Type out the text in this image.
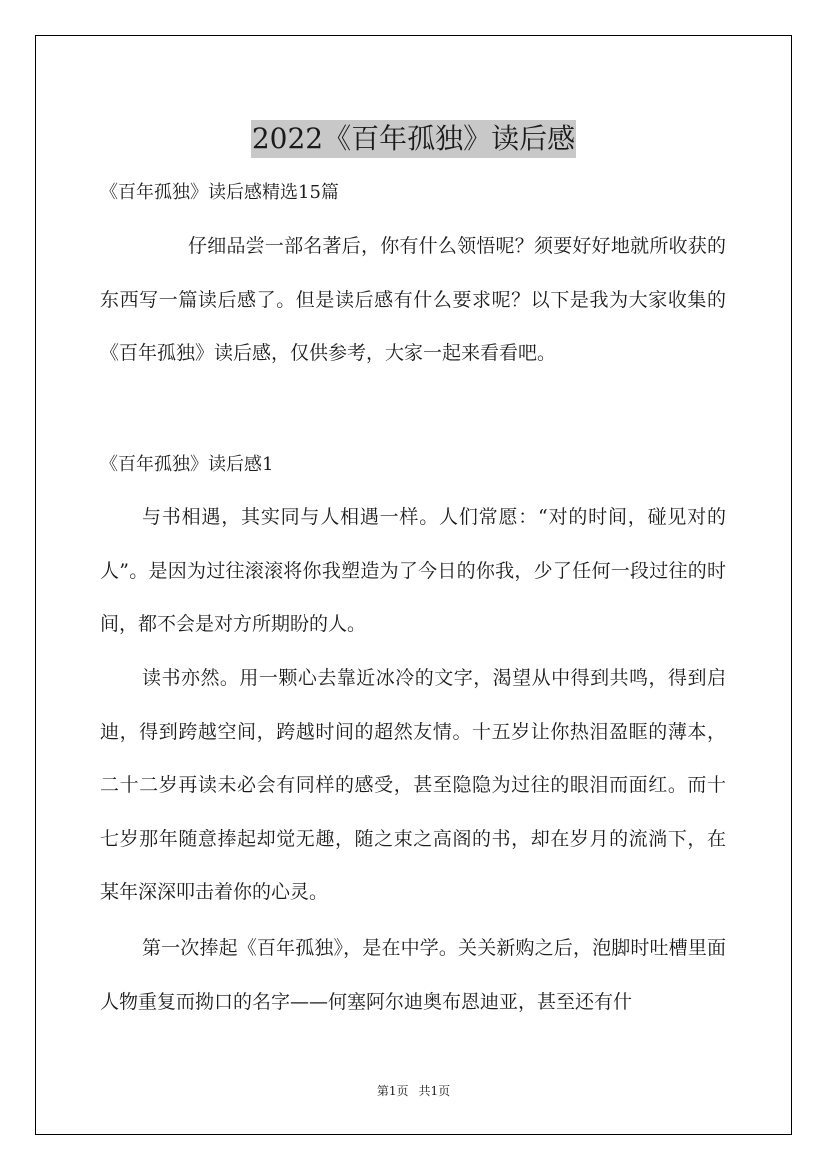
2022《百年孤独》读后感
《百年孤独》读后感精选15篇

仔细品尝一部名著后，你有什么领悟呢？须要好好地就所收获的东西写一篇读后感了。但是读后感有什么要求呢？以下是我为大家收集的《百年孤独》读后感，仅供参考，大家一起来看看吧。

《百年孤独》读后感1

与书相遇，其实同与人相遇一样。人们常愿：“对的时间，碰见对的人”。是因为过往滚滚将你我塑造为了今日的你我，少了任何一段过往的时间，都不会是对方所期盼的人。

读书亦然。用一颗心去靠近冰冷的文字，渴望从中得到共鸣，得到启迪，得到跨越空间，跨越时间的超然友情。十五岁让你热泪盈眶的薄本，二十二岁再读未必会有同样的感受，甚至隐隐为过往的眼泪而面红。而十七岁那年随意捧起却觉无趣，随之束之高阁的书，却在岁月的流淌下，在某年深深叩击着你的心灵。

第一次捧起《百年孤独》，是在中学。关关新购之后，泡脚时吐槽里面人物重复而拗口的名字——何塞阿尔迪奥布恩迪亚，甚至还有什

第1页 共1页
